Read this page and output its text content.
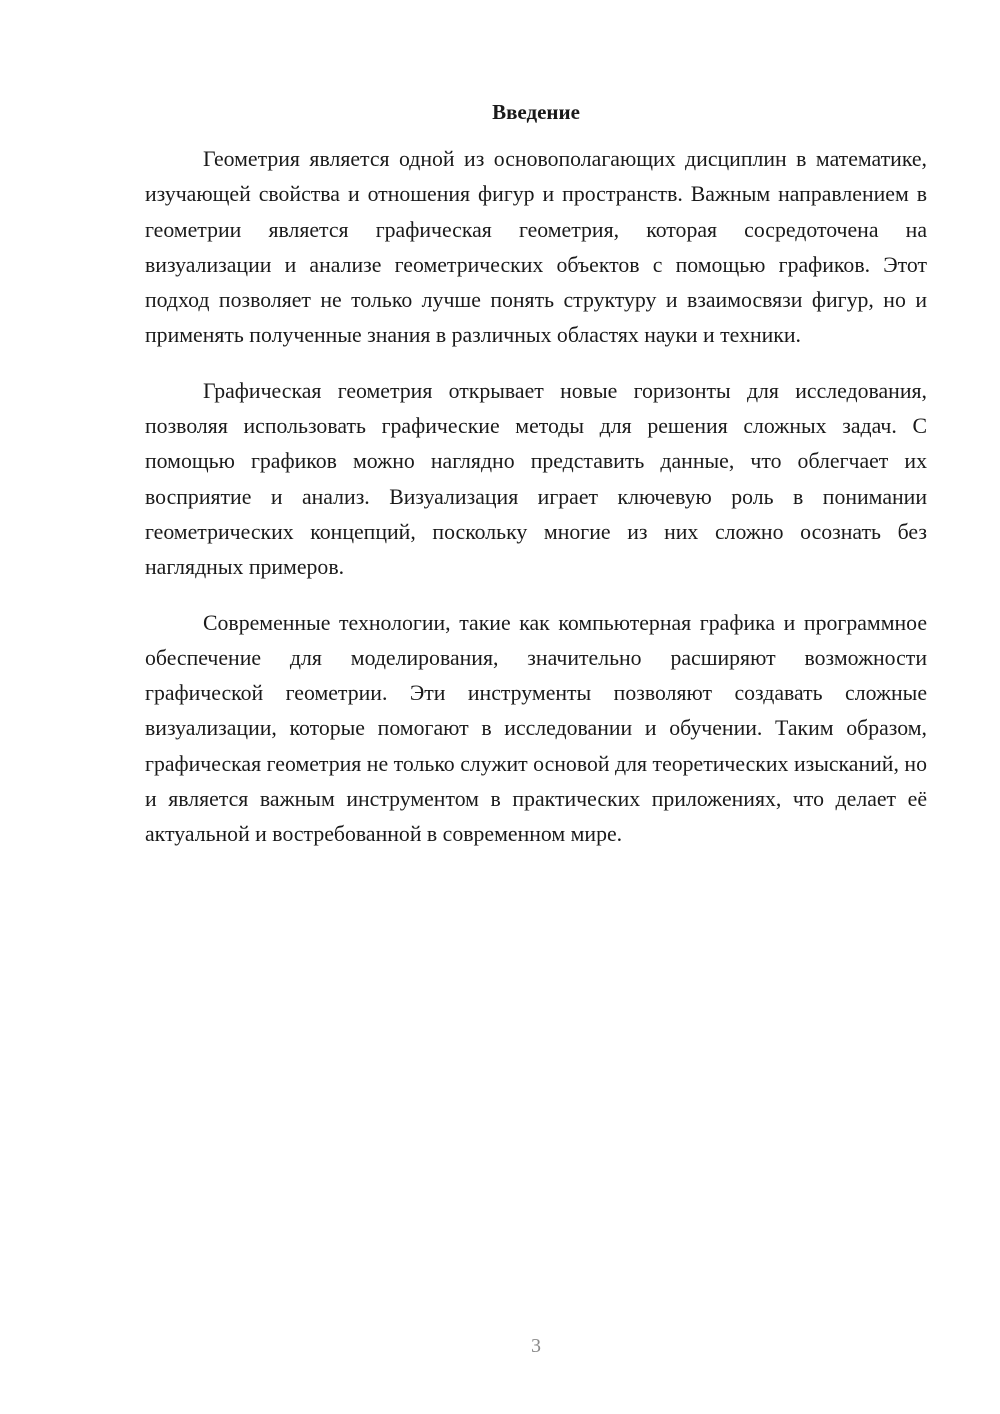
Введение

Геометрия является одной из основополагающих дисциплин в математике, изучающей свойства и отношения фигур и пространств. Важным направлением в геометрии является графическая геометрия, которая сосредоточена на визуализации и анализе геометрических объектов с помощью графиков. Этот подход позволяет не только лучше понять структуру и взаимосвязи фигур, но и применять полученные знания в различных областях науки и техники.

Графическая геометрия открывает новые горизонты для исследования, позволяя использовать графические методы для решения сложных задач. С помощью графиков можно наглядно представить данные, что облегчает их восприятие и анализ. Визуализация играет ключевую роль в понимании геометрических концепций, поскольку многие из них сложно осознать без наглядных примеров.

Современные технологии, такие как компьютерная графика и программное обеспечение для моделирования, значительно расширяют возможности графической геометрии. Эти инструменты позволяют создавать сложные визуализации, которые помогают в исследовании и обучении. Таким образом, графическая геометрия не только служит основой для теоретических изысканий, но и является важным инструментом в практических приложениях, что делает её актуальной и востребованной в современном мире.

3
